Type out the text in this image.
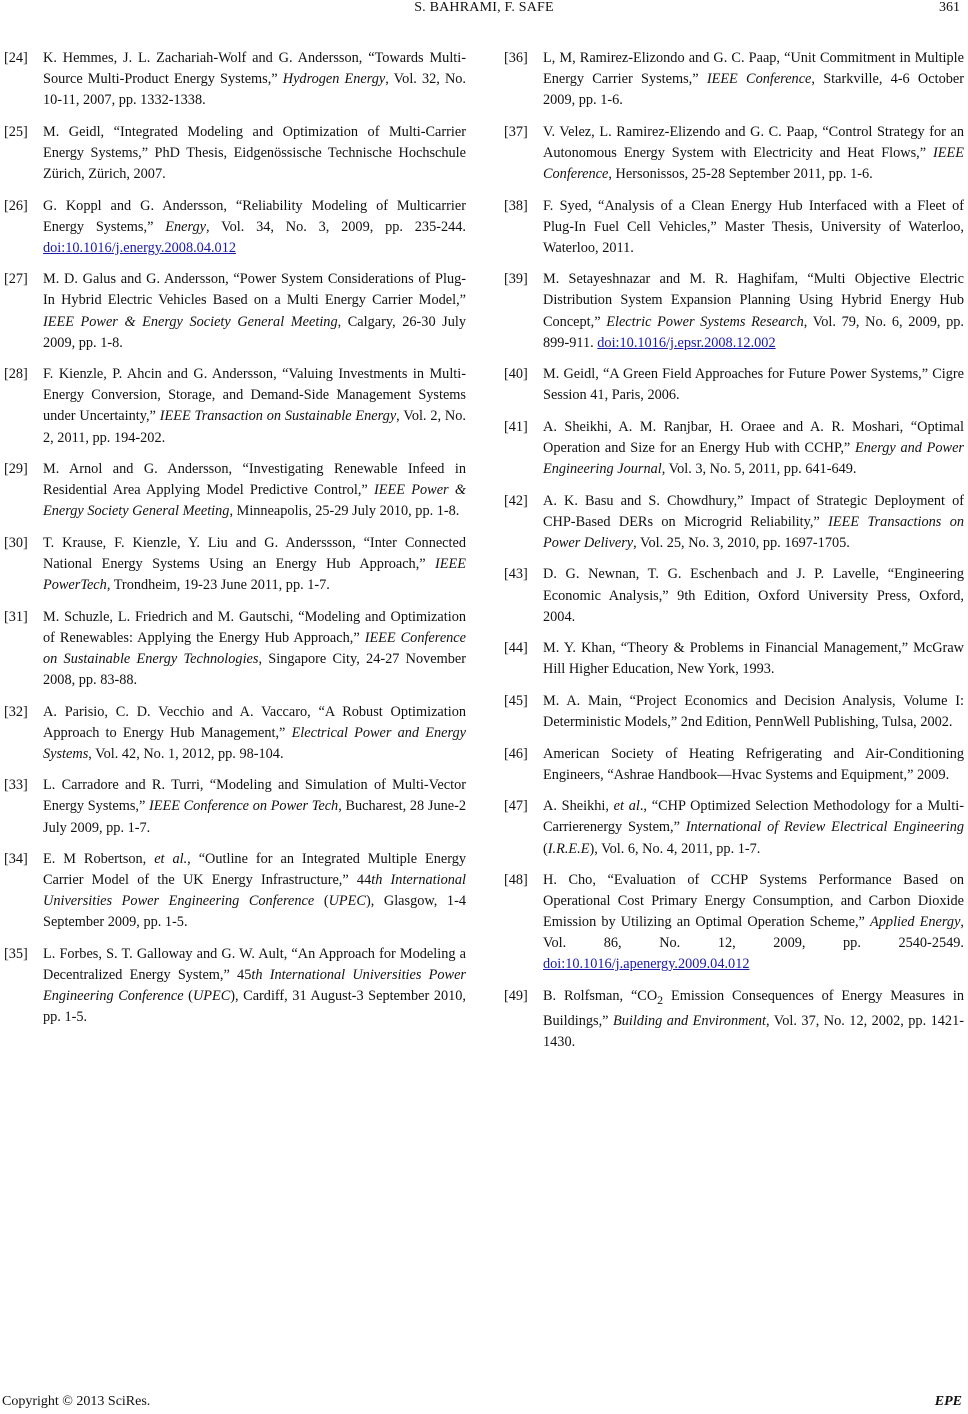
S. BAHRAMI, F. SAFE	361
[24]	K. Hemmes, J. L. Zachariah-Wolf and G. Andersson, “Towards Multi-Source Multi-Product Energy Systems,” Hydrogen Energy, Vol. 32, No. 10-11, 2007, pp. 1332-1338.
[25]	M. Geidl, “Integrated Modeling and Optimization of Multi-Carrier Energy Systems,” PhD Thesis, Eidgenössische Technische Hochschule Zürich, Zürich, 2007.
[26]	G. Koppl and G. Andersson, “Reliability Modeling of Multicarrier Energy Systems,” Energy, Vol. 34, No. 3, 2009, pp. 235-244. doi:10.1016/j.energy.2008.04.012
[27]	M. D. Galus and G. Andersson, “Power System Considerations of Plug-In Hybrid Electric Vehicles Based on a Multi Energy Carrier Model,” IEEE Power & Energy Society General Meeting, Calgary, 26-30 July 2009, pp. 1-8.
[28]	F. Kienzle, P. Ahcin and G. Andersson, “Valuing Investments in Multi-Energy Conversion, Storage, and Demand-Side Management Systems under Uncertainty,” IEEE Transaction on Sustainable Energy, Vol. 2, No. 2, 2011, pp. 194-202.
[29]	M. Arnol and G. Andersson, “Investigating Renewable Infeed in Residential Area Applying Model Predictive Control,” IEEE Power & Energy Society General Meeting, Minneapolis, 25-29 July 2010, pp. 1-8.
[30]	T. Krause, F. Kienzle, Y. Liu and G. Anderssson, “Inter Connected National Energy Systems Using an Energy Hub Approach,” IEEE PowerTech, Trondheim, 19-23 June 2011, pp. 1-7.
[31]	M. Schuzle, L. Friedrich and M. Gautschi, “Modeling and Optimization of Renewables: Applying the Energy Hub Approach,” IEEE Conference on Sustainable Energy Technologies, Singapore City, 24-27 November 2008, pp. 83-88.
[32]	A. Parisio, C. D. Vecchio and A. Vaccaro, “A Robust Optimization Approach to Energy Hub Management,” Electrical Power and Energy Systems, Vol. 42, No. 1, 2012, pp. 98-104.
[33]	L. Carradore and R. Turri, “Modeling and Simulation of Multi-Vector Energy Systems,” IEEE Conference on Power Tech, Bucharest, 28 June-2 July 2009, pp. 1-7.
[34]	E. M Robertson, et al., “Outline for an Integrated Multiple Energy Carrier Model of the UK Energy Infrastructure,” 44th International Universities Power Engineering Conference (UPEC), Glasgow, 1-4 September 2009, pp. 1-5.
[35]	L. Forbes, S. T. Galloway and G. W. Ault, “An Approach for Modeling a Decentralized Energy System,” 45th International Universities Power Engineering Conference (UPEC), Cardiff, 31 August-3 September 2010, pp. 1-5.
[36]	L, M, Ramirez-Elizondo and G. C. Paap, “Unit Commitment in Multiple Energy Carrier Systems,” IEEE Conference, Starkville, 4-6 October 2009, pp. 1-6.
[37]	V. Velez, L. Ramirez-Elizendo and G. C. Paap, “Control Strategy for an Autonomous Energy System with Electricity and Heat Flows,” IEEE Conference, Hersonissos, 25-28 September 2011, pp. 1-6.
[38]	F. Syed, “Analysis of a Clean Energy Hub Interfaced with a Fleet of Plug-In Fuel Cell Vehicles,” Master Thesis, University of Waterloo, Waterloo, 2011.
[39]	M. Setayeshnazar and M. R. Haghifam, “Multi Objective Electric Distribution System Expansion Planning Using Hybrid Energy Hub Concept,” Electric Power Systems Research, Vol. 79, No. 6, 2009, pp. 899-911. doi:10.1016/j.epsr.2008.12.002
[40]	M. Geidl, “A Green Field Approaches for Future Power Systems,” Cigre Session 41, Paris, 2006.
[41]	A. Sheikhi, A. M. Ranjbar, H. Oraee and A. R. Moshari, “Optimal Operation and Size for an Energy Hub with CCHP,” Energy and Power Engineering Journal, Vol. 3, No. 5, 2011, pp. 641-649.
[42]	A. K. Basu and S. Chowdhury,” Impact of Strategic Deployment of CHP-Based DERs on Microgrid Reliability,” IEEE Transactions on Power Delivery, Vol. 25, No. 3, 2010, pp. 1697-1705.
[43]	D. G. Newnan, T. G. Eschenbach and J. P. Lavelle, “Engineering Economic Analysis,” 9th Edition, Oxford University Press, Oxford, 2004.
[44]	M. Y. Khan, “Theory & Problems in Financial Management,” McGraw Hill Higher Education, New York, 1993.
[45]	M. A. Main, “Project Economics and Decision Analysis, Volume I: Deterministic Models,” 2nd Edition, PennWell Publishing, Tulsa, 2002.
[46]	American Society of Heating Refrigerating and Air-Conditioning Engineers, “Ashrae Handbook—Hvac Systems and Equipment,” 2009.
[47]	A. Sheikhi, et al., “CHP Optimized Selection Methodology for a Multi-Carrierenergy System,” International of Review Electrical Engineering (I.R.E.E), Vol. 6, No. 4, 2011, pp. 1-7.
[48]	H. Cho, “Evaluation of CCHP Systems Performance Based on Operational Cost Primary Energy Consumption, and Carbon Dioxide Emission by Utilizing an Optimal Operation Scheme,” Applied Energy, Vol. 86, No. 12, 2009, pp. 2540-2549. doi:10.1016/j.apenergy.2009.04.012
[49]	B. Rolfsman, “$CO_2$ Emission Consequences of Energy Measures in Buildings,” Building and Environment, Vol. 37, No. 12, 2002, pp. 1421-1430.
Copyright © 2013 SciRes.	EPE
